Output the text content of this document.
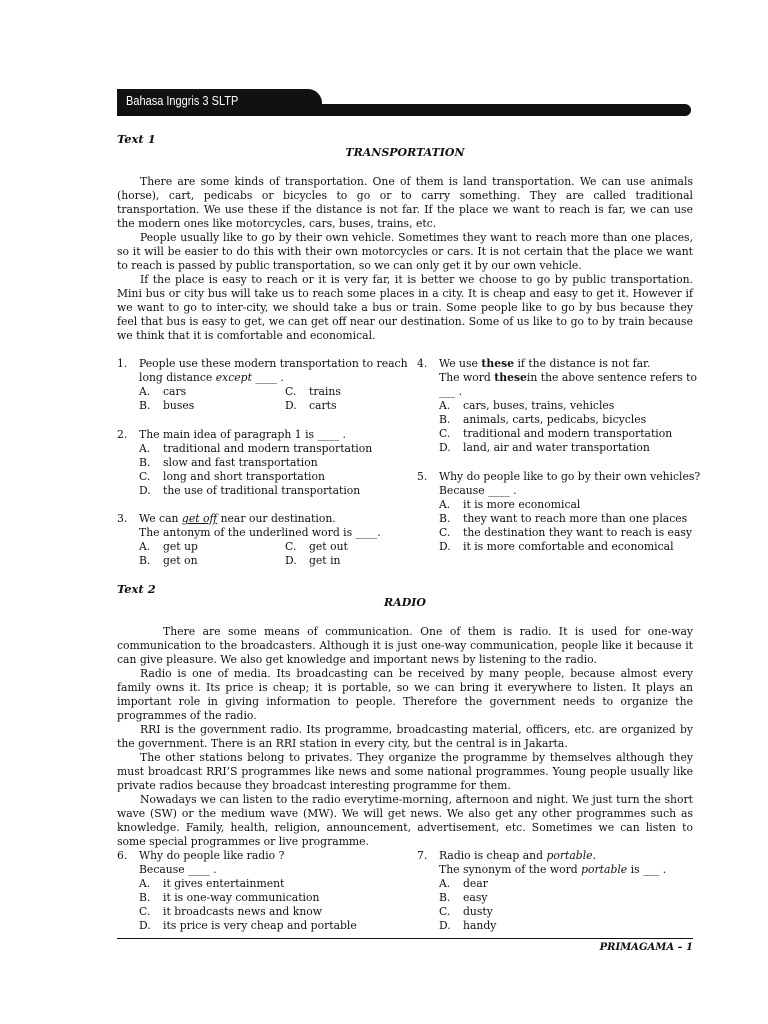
Bahasa Inggris 3 SLTP
Text 1
TRANSPORTATION

There are some kinds of transportation. One of them is land transportation. We can use animals (horse), cart, pedicabs or bicycles to go or to carry something. They are called traditional transportation. We use these if the distance is not far. If the place we want to reach is far, we can use the modern ones like motorcycles, cars, buses, trains, etc.

People usually like to go by their own vehicle. Sometimes they want to reach more than one places, so it will be easier to do this with their own motorcycles or cars. It is not certain that the place we want to reach is passed by public transportation, so we can only get it by our own vehicle.

If the place is easy to reach or it is very far, it is better we choose to go by public transportation. Mini bus or city bus will take us to reach some places in a city. It is cheap and easy to get it. However if we want to go to inter-city, we should take a bus or train. Some people like to go by bus because they feel that bus is easy to get, we can get off near our destination. Some of us like to go to by train because we think that it is comfortable and economical.

1. People use these modern transportation to reach
long distance except ____ .
A. cars	C. trains
B. buses	D. carts
2. The main idea of paragraph 1 is ____ .
A. traditional and modern transportation
B. slow and fast transportation
C. long and short transportation
D. the use of traditional transportation
3. We can get off near our destination.
The antonym of the underlined word is ____.
A. get up	C. get out
B. get on	D. get in
4. We use these if the distance is not far.
The word these in the above sentence refers to
___ .
A. cars, buses, trains, vehicles
B. animals, carts, pedicabs, bicycles
C. traditional and modern transportation
D. land, air and water transportation
5. Why do people like to go by their own vehicles?
Because ____ .
A. it is more economical
B. they want to reach more than one places
C. the destination they want to reach is easy
D. it is more comfortable and economical
Text 2
RADIO

There are some means of communication. One of them is radio. It is used for one-way communication to the broadcasters. Although it is just one-way communication, people like it because it can give pleasure. We also get knowledge and important news by listening to the radio.

Radio is one of media. Its broadcasting can be received by many people, because almost every family owns it. Its price is cheap; it is portable, so we can bring it everywhere to listen. It plays an important role in giving information to people. Therefore the government needs to organize the programmes of the radio.

RRI is the government radio. Its programme, broadcasting material, officers, etc. are organized by the government. There is an RRI station in every city, but the central is in Jakarta.

The other stations belong to privates. They organize the programme by themselves although they must broadcast RRI’S programmes like news and some national programmes. Young people usually like private radios because they broadcast interesting programme for them.

Nowadays we can listen to the radio everytime-morning, afternoon and night. We just turn the short wave (SW) or the medium wave (MW). We will get news. We also get any other programmes such as knowledge. Family, health, religion, announcement, advertisement, etc. Sometimes we can listen to some special programmes or live programme.

6. Why do people like radio ?
Because ____ .
A. it gives entertainment
B. it is one-way communication
C. it broadcasts news and know
D. its price is very cheap and portable
7. Radio is cheap and portable.
The synonym of the word portable is ___ .
A. dear
B. easy
C. dusty
D. handy
PRIMAGAMA – 1
